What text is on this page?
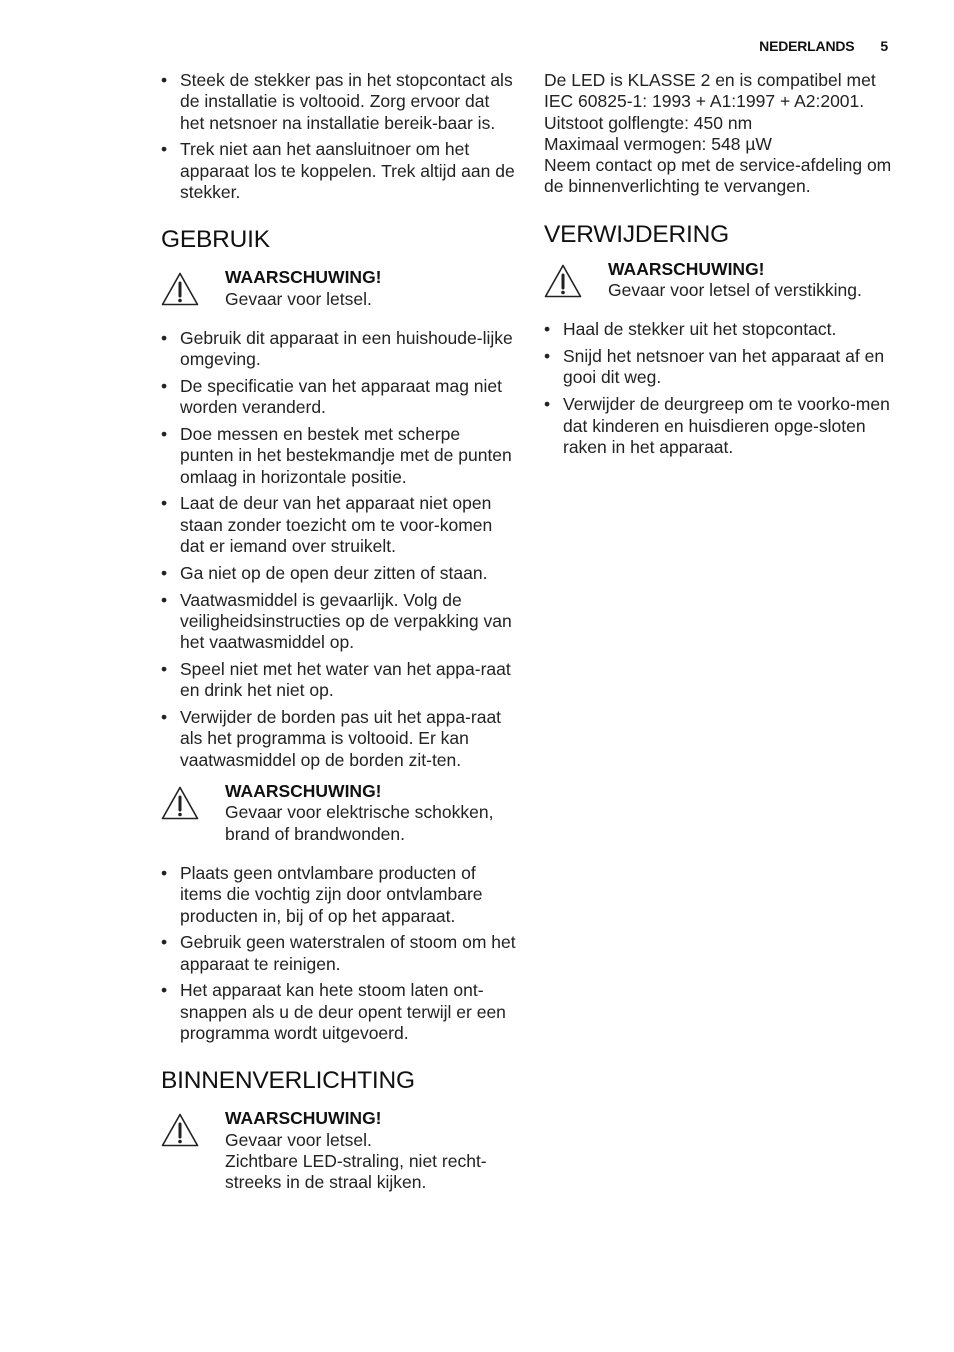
NEDERLANDS 5
• Steek de stekker pas in het stopcontact als de installatie is voltooid. Zorg ervoor dat het netsnoer na installatie bereik-baar is.
• Trek niet aan het aansluitnoer om het apparaat los te koppelen. Trek altijd aan de stekker.
GEBRUIK
WAARSCHUWING!
Gevaar voor letsel.
• Gebruik dit apparaat in een huishoude-lijke omgeving.
• De specificatie van het apparaat mag niet worden veranderd.
• Doe messen en bestek met scherpe punten in het bestekmandje met de punten omlaag in horizontale positie.
• Laat de deur van het apparaat niet open staan zonder toezicht om te voor-komen dat er iemand over struikelt.
• Ga niet op de open deur zitten of staan.
• Vaatwasmiddel is gevaarlijk. Volg de veiligheidsinstructies op de verpakking van het vaatwasmiddel op.
• Speel niet met het water van het appa-raat en drink het niet op.
• Verwijder de borden pas uit het appa-raat als het programma is voltooid. Er kan vaatwasmiddel op de borden zit-ten.
WAARSCHUWING!
Gevaar voor elektrische schokken, brand of brandwonden.
• Plaats geen ontvlambare producten of items die vochtig zijn door ontvlambare producten in, bij of op het apparaat.
• Gebruik geen waterstralen of stoom om het apparaat te reinigen.
• Het apparaat kan hete stoom laten ont-snappen als u de deur opent terwijl er een programma wordt uitgevoerd.
BINNENVERLICHTING
WAARSCHUWING!
Gevaar voor letsel.
Zichtbare LED-straling, niet recht-streeks in de straal kijken.

De LED is KLASSE 2 en is compatibel met IEC 60825-1: 1993 + A1:1997 + A2:2001.
Uitstoot golflengte: 450 nm
Maximaal vermogen: 548 µW
Neem contact op met de service-afdeling om de binnenverlichting te vervangen.

VERWIJDERING
WAARSCHUWING!
Gevaar voor letsel of verstikking.
• Haal de stekker uit het stopcontact.
• Snijd het netsnoer van het apparaat af en gooi dit weg.
• Verwijder de deurgreep om te voorko-men dat kinderen en huisdieren opge-sloten raken in het apparaat.
